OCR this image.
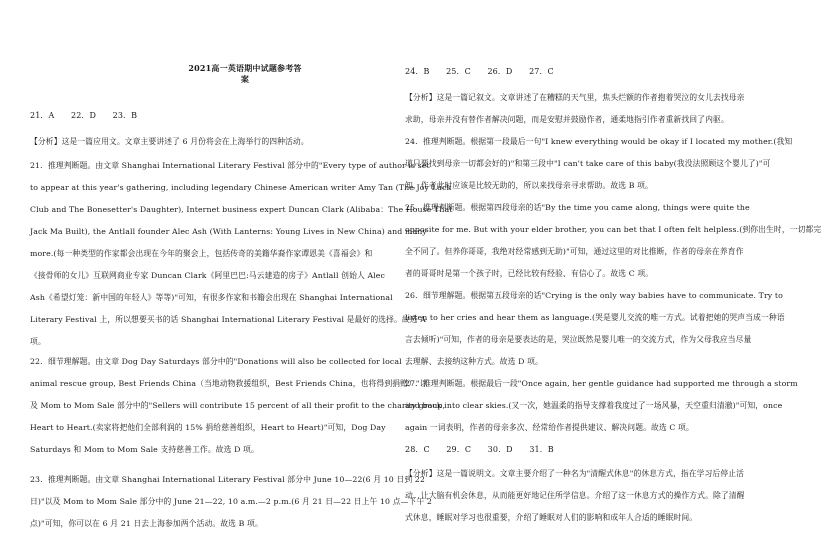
2021高一英语期中试题参考答案
21．A 22．D 23．B
【分析】这是一篇应用文。文章主要讲述了 6 月份将会在上海举行的四种活动。
21．推理判断题。由文章 Shanghai International Literary Festival 部分中的"Every type of author is set
to appear at this year's gathering, including legendary Chinese American writer Amy Tan (The Joy Luck
Club and The Bonesetter's Daughter), Internet business expert Duncan Clark (Alibaba：The House That
Jack Ma Built), the Antlall founder Alec Ash (With Lanterns: Young Lives in New China) and many
more.(每一种类型的作家都会出现在今年的聚会上，包括传奇的美籍华裔作家谭恩美《喜福会》和
《接骨师的女儿》互联网商业专家 Duncan Clark《阿里巴巴:马云建造的房子》Antlall 创始人 Alec
Ash《希望灯笼：新中国的年轻人》等等)"可知，有很多作家和书籍会出现在 Shanghai International
Literary Festival 上，所以想要买书的话 Shanghai International Literary Festival 是最好的选择。故选 A
项。
22．细节理解题。由文章 Dog Day Saturdays 部分中的"Donations will also be collected for local
animal rescue group, Best Friends China（当地动物救援组织，Best Friends China，也将得到捐赠）"以
及 Mom to Mom Sale 部分中的"Sellers will contribute 15 percent of all their profit to the charity group,
Heart to Heart.(卖家将把他们全部利润的 15% 捐给慈善组织，Heart to Heart)"可知，Dog Day
Saturdays 和 Mom to Mom Sale 支持慈善工作。故选 D 项。
23．推理判断题。由文章 Shanghai International Literary Festival 部分中 June 10—22(6 月 10 日到 22
日)"以及 Mom to Mom Sale 部分中的 June 21—22, 10 a.m.—2 p.m.(6 月 21 日—22 日上午 10 点—下午 2
点)"可知，你可以在 6 月 21 日去上海参加两个活动。故选 B 项。
24．B 25．C 26．D 27．C
【分析】这是一篇记叙文。文章讲述了在糟糕的天气里，焦头烂额的作者抱着哭泣的女儿去找母亲
求助，母亲并没有替作者解决问题，而是安慰并鼓励作者，通柔地指引作者重新找回了内驱。
24．推理判断题。根据第一段最后一句"I knew everything would be okay if I located my mother.(我知
道只要找到母亲一切都会好的)"和第三段中"I can't take care of this baby(我没法照顾这个婴儿了)"可
知，作者此时应该是比较无助的，所以来找母亲寻求帮助。故选 B 项。
25．推理判断题。根据第四段母亲的话"By the time you came along, things were quite the
opposite for me. But with your elder brother, you can bet that I often felt helpless.(到你出生时，一切都完
全不同了。但养你哥哥，我绝对经常感到无助)"可知，通过这里的对比推断，作者的母亲在养育作
者的哥哥时是第一个孩子时，已经比较有经验、有信心了。故选 C 项。
26．细节理解题。根据第五段母亲的话"Crying is the only way babies have to communicate. Try to
listen to her cries and hear them as language.(哭是婴儿交流的唯一方式。试着把她的哭声当成一种语
言去倾听)"可知，作者的母亲是要表达的是，哭泣既然是婴儿唯一的交流方式，作为父母我应当尽量
去理解、去接纳这种方式。故选 D 项。
27．推理判断题。根据最后一段"Once again, her gentle guidance had supported me through a storm
and back into clear skies.(又一次，她温柔的指导支撑着我度过了一场风暴，天空重归清澈)"可知，once
again 一词表明，作者的母亲多次、经常给作者提供建议、解决问题。故选 C 项。
28．C 29．C 30．D 31．B
【分析】这是一篇说明文。文章主要介绍了一种名为"清醒式休息"的休息方式，指在学习后停止活
动，让大脑有机会休息，从而能更好地记住所学信息。介绍了这一休息方式的操作方式。除了清醒
式休息，睡眠对学习也很重要，介绍了睡眠对人们的影响和成年人合适的睡眠时间。
